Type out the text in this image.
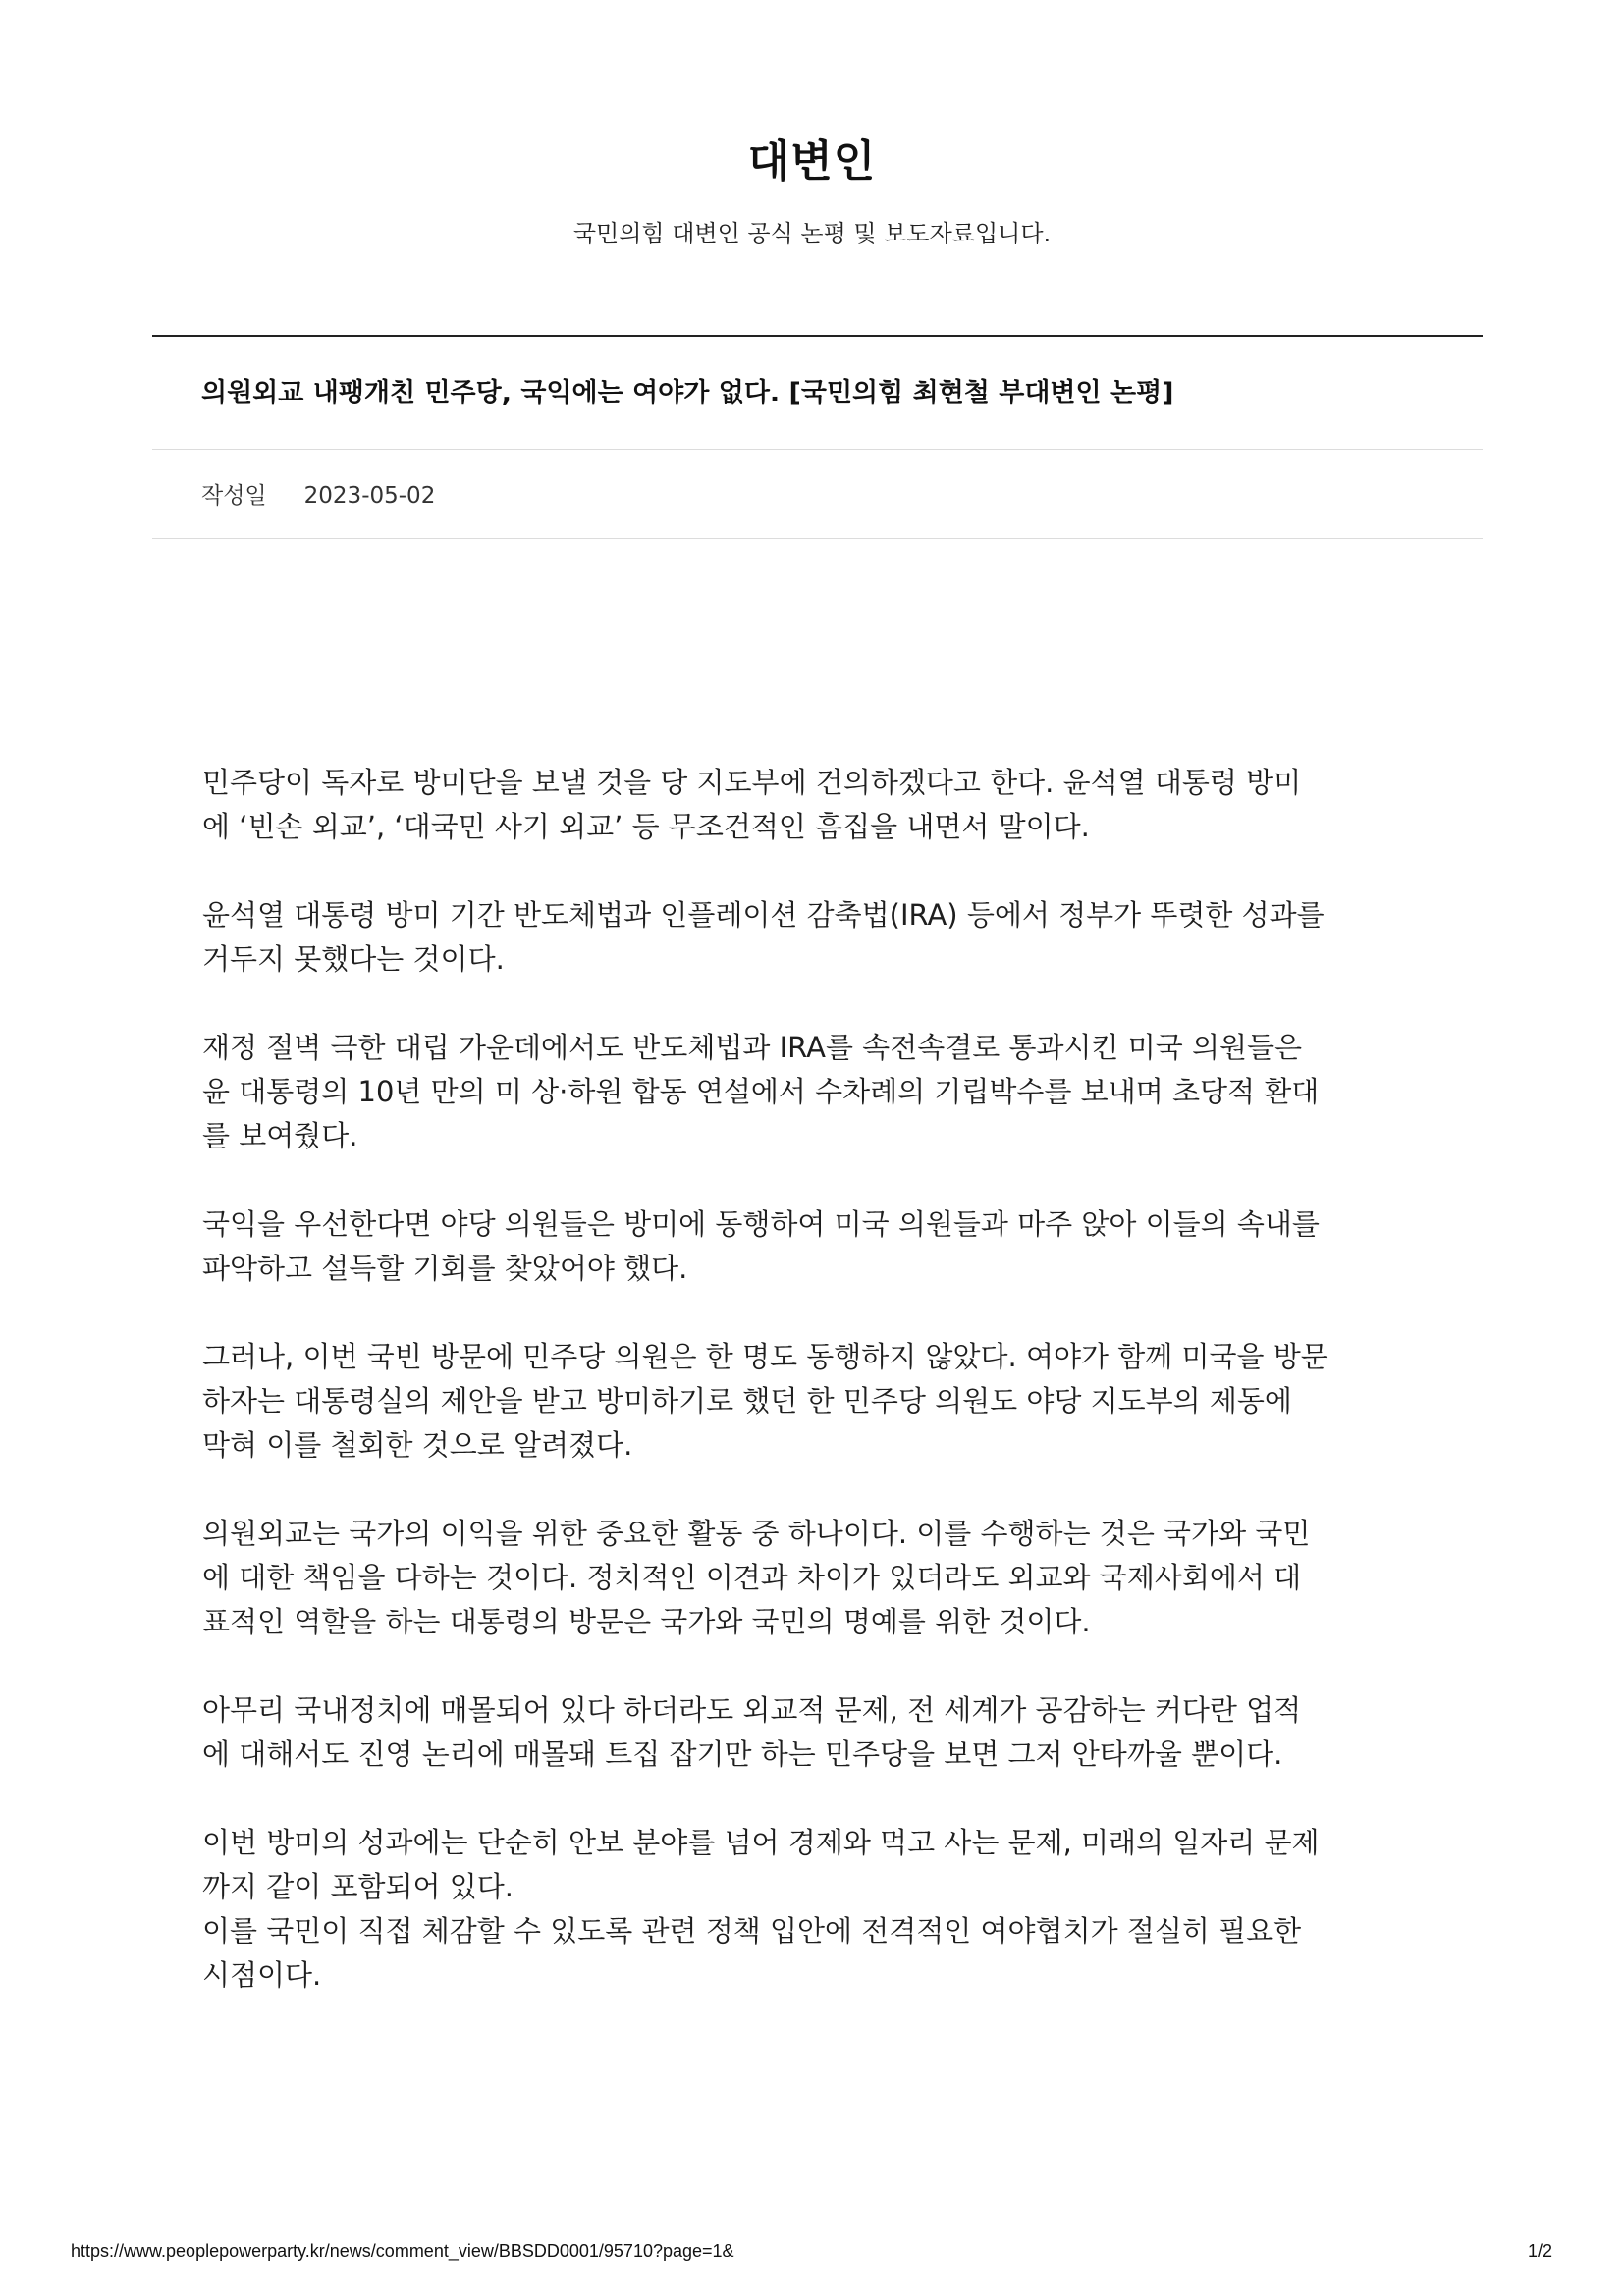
대변인
국민의힘 대변인 공식 논평 및 보도자료입니다.
의원외교 내팽개친 민주당, 국익에는 여야가 없다. [국민의힘 최현철 부대변인 논평]
작성일 2023-05-02

민주당이 독자로 방미단을 보낼 것을 당 지도부에 건의하겠다고 한다. 윤석열 대통령 방미
에 ‘빈손 외교’, ‘대국민 사기 외교’ 등 무조건적인 흠집을 내면서 말이다.

윤석열 대통령 방미 기간 반도체법과 인플레이션 감축법(IRA) 등에서 정부가 뚜렷한 성과를
거두지 못했다는 것이다.

재정 절벽 극한 대립 가운데에서도 반도체법과 IRA를 속전속결로 통과시킨 미국 의원들은
윤 대통령의 10년 만의 미 상·하원 합동 연설에서 수차례의 기립박수를 보내며 초당적 환대
를 보여줬다.

국익을 우선한다면 야당 의원들은 방미에 동행하여 미국 의원들과 마주 앉아 이들의 속내를
파악하고 설득할 기회를 찾았어야 했다.

그러나, 이번 국빈 방문에 민주당 의원은 한 명도 동행하지 않았다. 여야가 함께 미국을 방문
하자는 대통령실의 제안을 받고 방미하기로 했던 한 민주당 의원도 야당 지도부의 제동에
막혀 이를 철회한 것으로 알려졌다.

의원외교는 국가의 이익을 위한 중요한 활동 중 하나이다. 이를 수행하는 것은 국가와 국민
에 대한 책임을 다하는 것이다. 정치적인 이견과 차이가 있더라도 외교와 국제사회에서 대
표적인 역할을 하는 대통령의 방문은 국가와 국민의 명예를 위한 것이다.

아무리 국내정치에 매몰되어 있다 하더라도 외교적 문제, 전 세계가 공감하는 커다란 업적
에 대해서도 진영 논리에 매몰돼 트집 잡기만 하는 민주당을 보면 그저 안타까울 뿐이다.

이번 방미의 성과에는 단순히 안보 분야를 넘어 경제와 먹고 사는 문제, 미래의 일자리 문제
까지 같이 포함되어 있다.

이를 국민이 직접 체감할 수 있도록 관련 정책 입안에 전격적인 여야협치가 절실히 필요한
시점이다.

https://www.peoplepowerparty.kr/news/comment_view/BBSDD0001/95710?page=1&	1/2
